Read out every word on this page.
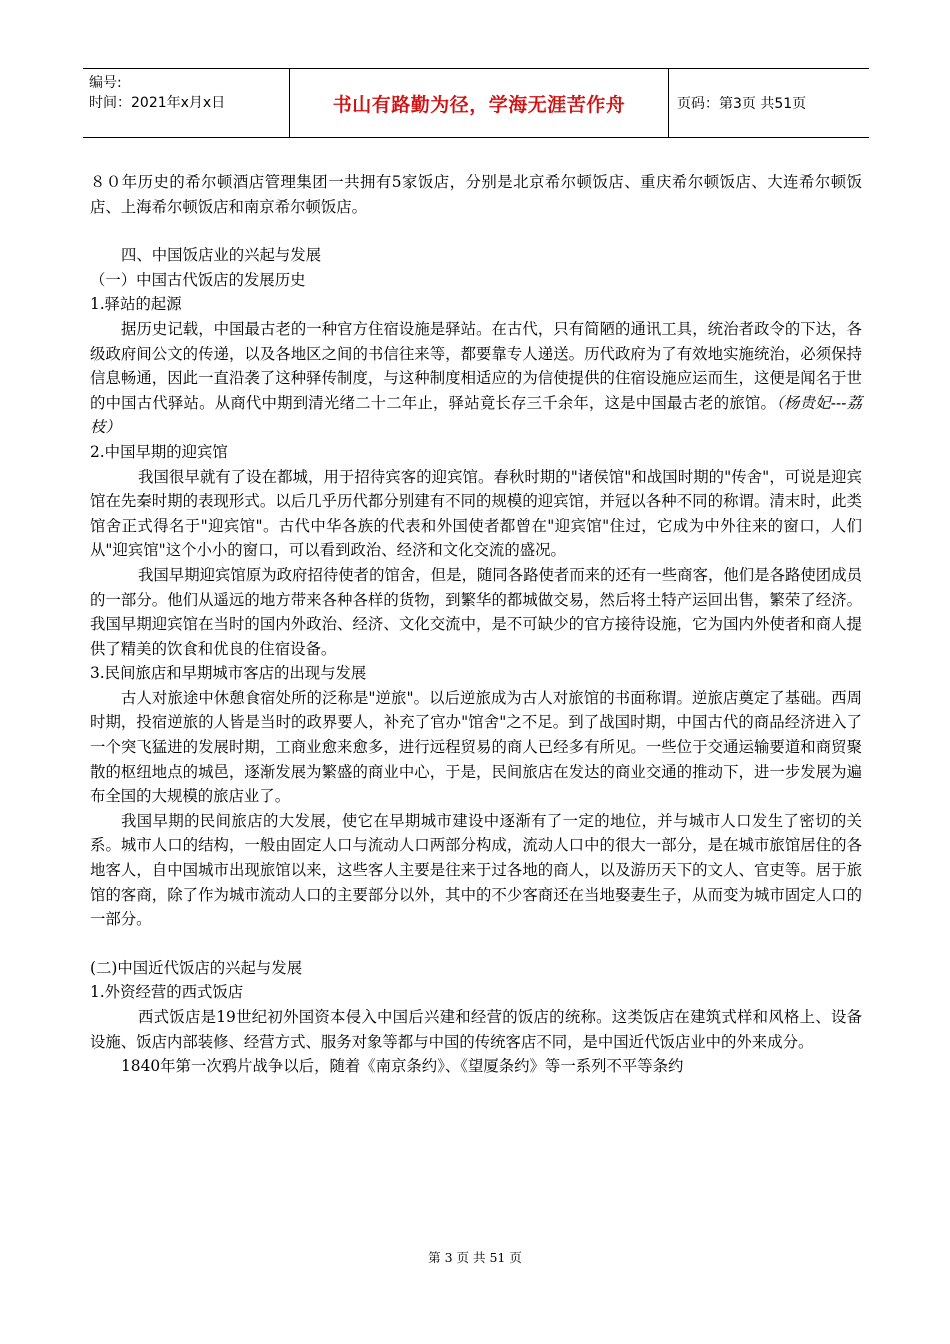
编号:
时间：2021年x月x日	书山有路勤为径，学海无涯苦作舟	页码：第3页 共51页

８０年历史的希尔顿酒店管理集团一共拥有5家饭店，分别是北京希尔顿饭店、重庆希尔顿饭店、大连希尔顿饭店、上海希尔顿饭店和南京希尔顿饭店。

四、中国饭店业的兴起与发展

（一）中国古代饭店的发展历史

1.驿站的起源

据历史记载，中国最古老的一种官方住宿设施是驿站。在古代，只有简陋的通讯工具，统治者政令的下达，各级政府间公文的传递，以及各地区之间的书信往来等，都要靠专人递送。历代政府为了有效地实施统治，必须保持信息畅通，因此一直沿袭了这种驿传制度，与这种制度相适应的为信使提供的住宿设施应运而生，这便是闻名于世的中国古代驿站。从商代中期到清光绪二十二年止，驿站竟长存三千余年，这是中国最古老的旅馆。（杨贵妃---荔枝）

2.中国早期的迎宾馆

我国很早就有了设在都城，用于招待宾客的迎宾馆。春秋时期的"诸侯馆"和战国时期的"传舍"，可说是迎宾馆在先秦时期的表现形式。以后几乎历代都分别建有不同的规模的迎宾馆，并冠以各种不同的称谓。清末时，此类馆舍正式得名于"迎宾馆"。古代中华各族的代表和外国使者都曾在"迎宾馆"住过，它成为中外往来的窗口，人们从"迎宾馆"这个小小的窗口，可以看到政治、经济和文化交流的盛况。

我国早期迎宾馆原为政府招待使者的馆舍，但是，随同各路使者而来的还有一些商客，他们是各路使团成员的一部分。他们从遥远的地方带来各种各样的货物，到繁华的都城做交易，然后将土特产运回出售，繁荣了经济。我国早期迎宾馆在当时的国内外政治、经济、文化交流中，是不可缺少的官方接待设施，它为国内外使者和商人提供了精美的饮食和优良的住宿设备。

3.民间旅店和早期城市客店的出现与发展

古人对旅途中休憩食宿处所的泛称是"逆旅"。以后逆旅成为古人对旅馆的书面称谓。逆旅店奠定了基础。西周时期，投宿逆旅的人皆是当时的政界要人，补充了官办"馆舍"之不足。到了战国时期，中国古代的商品经济进入了一个突飞猛进的发展时期，工商业愈来愈多，进行远程贸易的商人已经多有所见。一些位于交通运输要道和商贸聚散的枢纽地点的城邑，逐渐发展为繁盛的商业中心，于是，民间旅店在发达的商业交通的推动下，进一步发展为遍布全国的大规模的旅店业了。

我国早期的民间旅店的大发展，使它在早期城市建设中逐渐有了一定的地位，并与城市人口发生了密切的关系。城市人口的结构，一般由固定人口与流动人口两部分构成，流动人口中的很大一部分，是在城市旅馆居住的各地客人，自中国城市出现旅馆以来，这些客人主要是往来于过各地的商人，以及游历天下的文人、官吏等。居于旅馆的客商，除了作为城市流动人口的主要部分以外，其中的不少客商还在当地娶妻生子，从而变为城市固定人口的一部分。

(二)中国近代饭店的兴起与发展

1.外资经营的西式饭店

西式饭店是19世纪初外国资本侵入中国后兴建和经营的饭店的统称。这类饭店在建筑式样和风格上、设备设施、饭店内部装修、经营方式、服务对象等都与中国的传统客店不同，是中国近代饭店业中的外来成分。

1840年第一次鸦片战争以后，随着《南京条约》、《望厦条约》等一系列不平等条约

第 3 页 共 51 页
